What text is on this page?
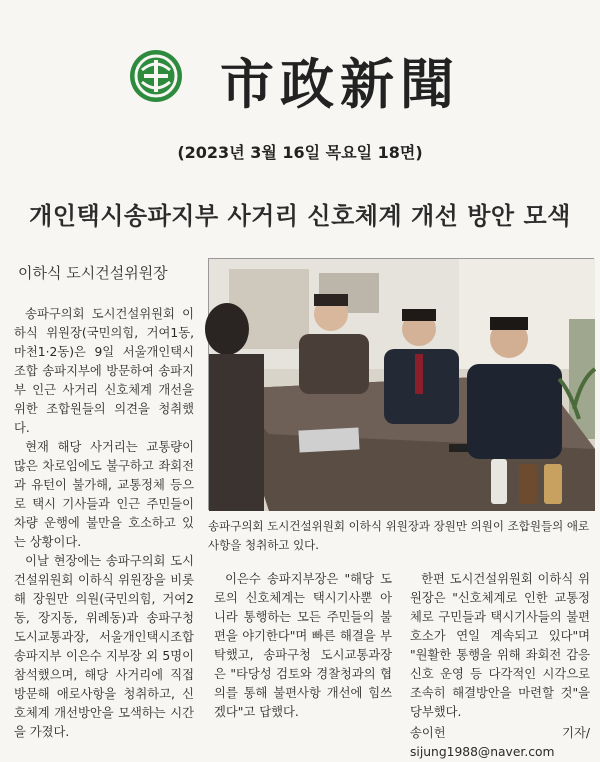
市政新聞
(2023년 3월 16일 목요일 18면)
개인택시송파지부 사거리 신호체계 개선 방안 모색
이하식 도시건설위원장
송파구의회 도시건설위원회 이하식 위원장과 장원만 의원이 조합원들의 애로사항을 청취하고 있다.

송파구의회 도시건설위원회 이하식 위원장(국민의힘, 거여1동, 마천1·2동)은 9일 서울개인택시조합 송파지부에 방문하여 송파지부 인근 사거리 신호체계 개선을 위한 조합원들의 의견을 청취했다.

현재 해당 사거리는 교통량이 많은 차로임에도 불구하고 좌회전과 유턴이 불가해, 교통정체 등으로 택시 기사들과 인근 주민들이 차량 운행에 불만을 호소하고 있는 상황이다.

이날 현장에는 송파구의회 도시건설위원회 이하식 위원장을 비롯해 장원만 의원(국민의힘, 거여2동, 장지동, 위례동)과 송파구청 도시교통과장, 서울개인택시조합 송파지부 이은수 지부장 외 5명이 참석했으며, 해당 사거리에 직접 방문해 애로사항을 청취하고, 신호체계 개선방안을 모색하는 시간을 가졌다.

이은수 송파지부장은 "해당 도로의 신호체계는 택시기사뿐 아니라 통행하는 모든 주민들의 불편을 야기한다"며 빠른 해결을 부탁했고, 송파구청 도시교통과장은 "타당성 검토와 경찰청과의 협의를 통해 불편사항 개선에 힘쓰겠다"고 답했다.

한편 도시건설위원회 이하식 위원장은 "신호체계로 인한 교통정체로 구민들과 택시기사들의 불편 호소가 연일 계속되고 있다"며 "원활한 통행을 위해 좌회전 감응신호 운영 등 다각적인 시각으로 조속히 해결방안을 마련할 것"을 당부했다.

송이헌 기자/ sijung1988@naver.com
